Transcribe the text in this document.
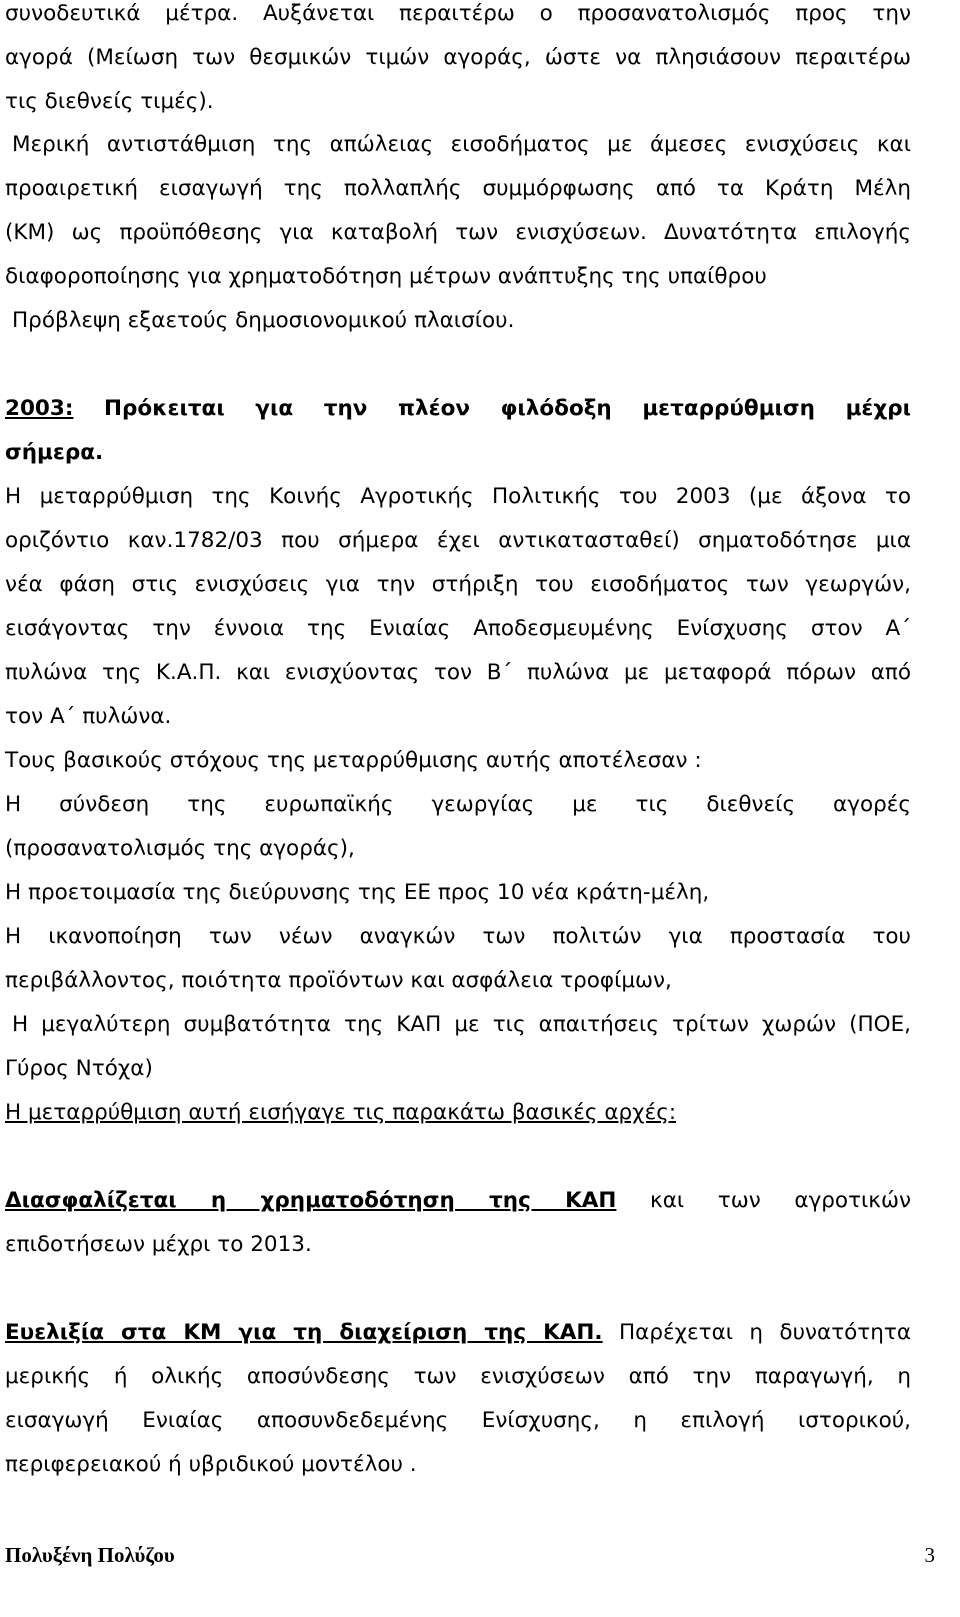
συνοδευτικά μέτρα. Αυξάνεται περαιτέρω ο προσανατολισμός προς την
αγορά (Μείωση των θεσμικών τιμών αγοράς, ώστε να πλησιάσουν περαιτέρω
τις διεθνείς τιμές).
Μερική αντιστάθμιση της απώλειας εισοδήματος με άμεσες ενισχύσεις και
προαιρετική εισαγωγή της πολλαπλής συμμόρφωσης από τα Κράτη Μέλη
(ΚΜ) ως προϋπόθεσης για καταβολή των ενισχύσεων. Δυνατότητα επιλογής
διαφοροποίησης για χρηματοδότηση μέτρων ανάπτυξης της υπαίθρου
Πρόβλεψη εξαετούς δημοσιονομικού πλαισίου.
2003: Πρόκειται για την πλέον φιλόδοξη μεταρρύθμιση μέχρι
σήμερα.
Η μεταρρύθμιση της Κοινής Αγροτικής Πολιτικής του 2003 (με άξονα το
οριζόντιο καν.1782/03 που σήμερα έχει αντικατασταθεί) σηματοδότησε μια
νέα φάση στις ενισχύσεις για την στήριξη του εισοδήματος των γεωργών,
εισάγοντας την έννοια της Ενιαίας Αποδεσμευμένης Ενίσχυσης στον Α΄
πυλώνα της Κ.Α.Π. και ενισχύοντας τον Β΄ πυλώνα με μεταφορά πόρων από
τον Α΄ πυλώνα.
Τους βασικούς στόχους της μεταρρύθμισης αυτής αποτέλεσαν :
Η σύνδεση της ευρωπαϊκής γεωργίας με τις διεθνείς αγορές
(προσανατολισμός της αγοράς),
Η προετοιμασία της διεύρυνσης της ΕΕ προς 10 νέα κράτη-μέλη,
Η ικανοποίηση των νέων αναγκών των πολιτών για προστασία του
περιβάλλοντος, ποιότητα προϊόντων και ασφάλεια τροφίμων,
Η μεγαλύτερη συμβατότητα της ΚΑΠ με τις απαιτήσεις τρίτων χωρών (ΠΟΕ,
Γύρος Ντόχα)
Η μεταρρύθμιση αυτή εισήγαγε τις παρακάτω βασικές αρχές:
Διασφαλίζεται η χρηματοδότηση της ΚΑΠ και των αγροτικών
επιδοτήσεων μέχρι το 2013.
Ευελιξία στα ΚΜ για τη διαχείριση της ΚΑΠ. Παρέχεται η δυνατότητα
μερικής ή ολικής αποσύνδεσης των ενισχύσεων από την παραγωγή, η
εισαγωγή Ενιαίας αποσυνδεδεμένης Ενίσχυσης, η επιλογή ιστορικού,
περιφερειακού ή υβριδικού μοντέλου .
Πολυξένη Πολύζου	3
